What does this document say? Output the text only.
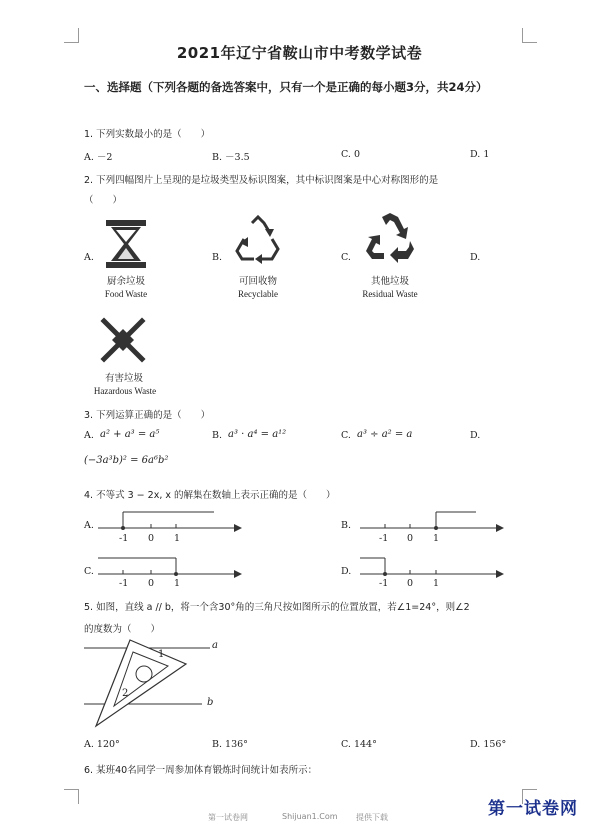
2021年辽宁省鞍山市中考数学试卷
一、选择题（下列各题的备选答案中，只有一个是正确的每小题3分，共24分）
1. 下列实数最小的是（　　）
A. －2	B. －3.5	C. 0	D. 1
2. 下列四幅图片上呈现的是垃圾类型及标识图案，其中标识图案是中心对称图形的是
（　　）
A.	B.	C.	D.
厨余垃圾
Food Waste
可回收物
Recyclable
其他垃圾
Residual Waste
有害垃圾
Hazardous Waste
3. 下列运算正确的是（　　）
A. a² + a³ = a⁵	B. a³ · a⁴ = a¹²	C. a³ ÷ a² = a	D.
(−3a³b)² = 6a⁶b²
4. 不等式 3 − 2x, x 的解集在数轴上表示正确的是（　　）
A.
-1 0 1
B.
-1 0 1
C.
-1 0 1
D.
-1 0 1
5. 如图，直线 a // b，将一个含30°角的三角尺按如图所示的位置放置，若∠1=24°，则∠2
的度数为（　　）
a
b
1
2
A. 120°	B. 136°	C. 144°	D. 156°
6. 某班40名同学一周参加体育锻炼时间统计如表所示：
第一试卷网	Shijuan1.Com 提供下载	第一试卷网
